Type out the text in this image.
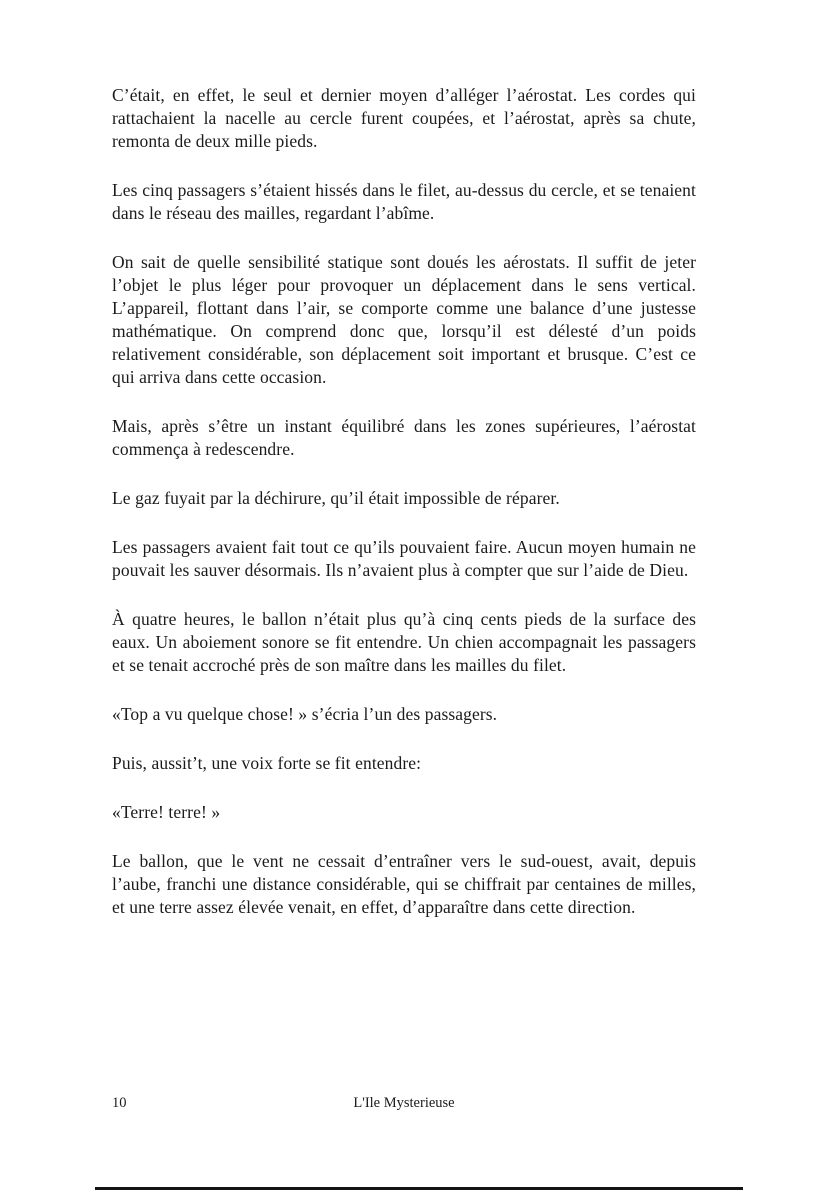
C’était, en effet, le seul et dernier moyen d’alléger l’aérostat. Les cordes qui rattachaient la nacelle au cercle furent coupées, et l’aérostat, après sa chute, remonta de deux mille pieds.

Les cinq passagers s’étaient hissés dans le filet, au-dessus du cercle, et se tenaient dans le réseau des mailles, regardant l’abîme.

On sait de quelle sensibilité statique sont doués les aérostats. Il suffit de jeter l’objet le plus léger pour provoquer un déplacement dans le sens vertical. L’appareil, flottant dans l’air, se comporte comme une balance d’une justesse mathématique. On comprend donc que, lorsqu’il est délesté d’un poids relativement considérable, son déplacement soit important et brusque. C’est ce qui arriva dans cette occasion.

Mais, après s’être un instant équilibré dans les zones supérieures, l’aérostat commença à redescendre.

Le gaz fuyait par la déchirure, qu’il était impossible de réparer.

Les passagers avaient fait tout ce qu’ils pouvaient faire. Aucun moyen humain ne pouvait les sauver désormais. Ils n’avaient plus à compter que sur l’aide de Dieu.

À quatre heures, le ballon n’était plus qu’à cinq cents pieds de la surface des eaux. Un aboiement sonore se fit entendre. Un chien accompagnait les passagers et se tenait accroché près de son maître dans les mailles du filet.

«Top a vu quelque chose! » s’écria l’un des passagers.

Puis, aussit’t, une voix forte se fit entendre:

«Terre! terre! »

Le ballon, que le vent ne cessait d’entraîner vers le sud-ouest, avait, depuis l’aube, franchi une distance considérable, qui se chiffrait par centaines de milles, et une terre assez élevée venait, en effet, d’apparaître dans cette direction.

10	L'Ile Mysterieuse
